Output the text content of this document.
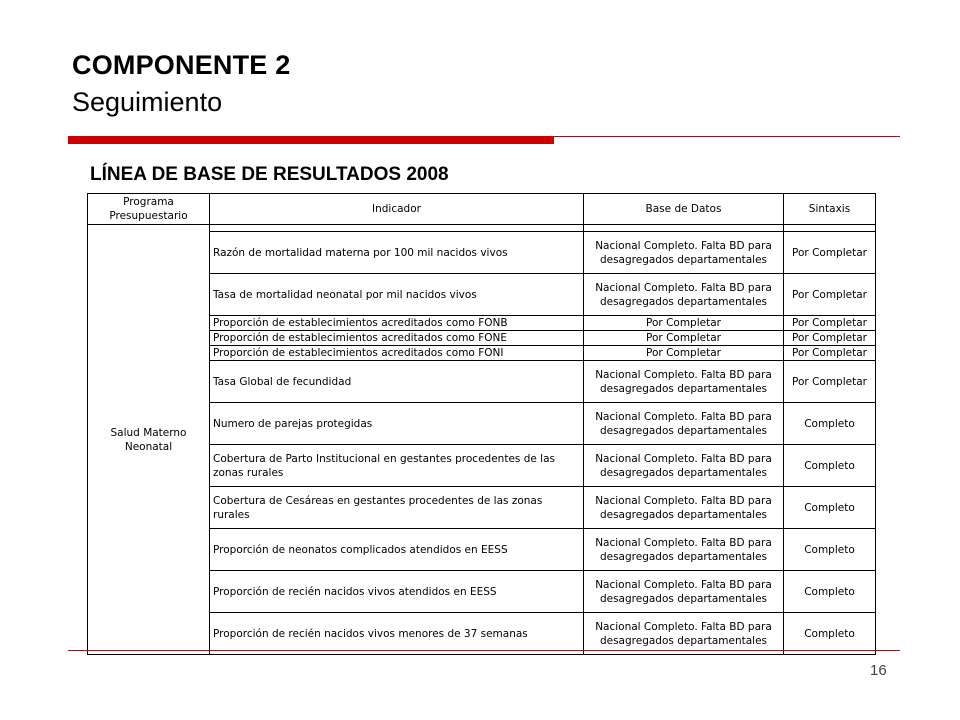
COMPONENTE 2
Seguimiento
LÍNEA DE BASE DE RESULTADOS 2008
Programa Presupuestario	Indicador	Base de Datos	Sintaxis
Salud Materno Neonatal			
	Razón de mortalidad materna por 100 mil nacidos vivos	Nacional Completo. Falta BD para desagregados departamentales	Por Completar
	Tasa de mortalidad neonatal por mil nacidos vivos	Nacional Completo. Falta BD para desagregados departamentales	Por Completar
	Proporción de establecimientos acreditados como FONB	Por Completar	Por Completar
	Proporción de establecimientos acreditados como FONE	Por Completar	Por Completar
	Proporción de establecimientos acreditados como FONI	Por Completar	Por Completar
	Tasa Global de fecundidad	Nacional Completo. Falta BD para desagregados departamentales	Por Completar
	Numero de parejas protegidas	Nacional Completo. Falta BD para desagregados departamentales	Completo
	Cobertura de Parto Institucional en gestantes procedentes de las zonas rurales	Nacional Completo. Falta BD para desagregados departamentales	Completo
	Cobertura de Cesáreas en gestantes procedentes de las zonas rurales	Nacional Completo. Falta BD para desagregados departamentales	Completo
	Proporción de neonatos complicados atendidos en EESS	Nacional Completo. Falta BD para desagregados departamentales	Completo
	Proporción de recién nacidos vivos atendidos en EESS	Nacional Completo. Falta BD para desagregados departamentales	Completo
	Proporción de recién nacidos vivos menores de 37 semanas	Nacional Completo. Falta BD para desagregados departamentales	Completo
16
